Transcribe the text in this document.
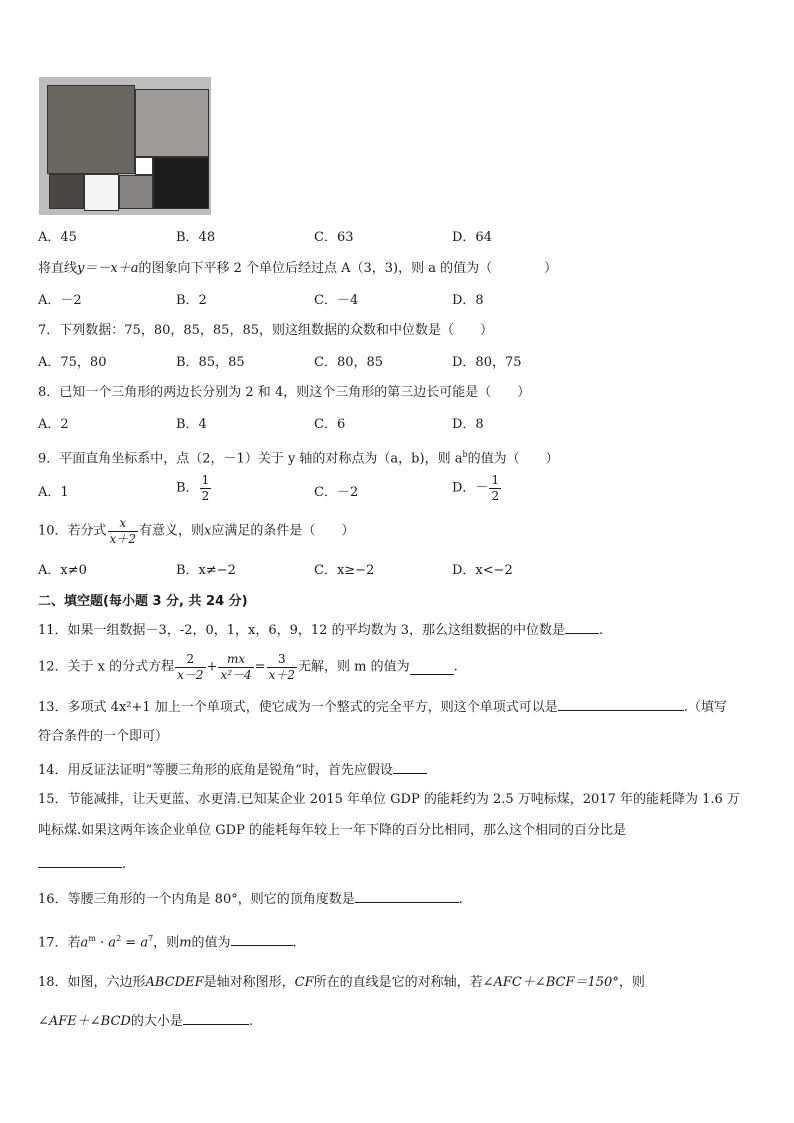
A．45	B．48	C．63	D．64
将直线y＝－x＋a的图象向下平移 2 个单位后经过点 A（3，3)，则 a 的值为（　　　　）
A．－2	B．2	C．－4	D．8
7．下列数据：75，80，85，85，85，则这组数据的众数和中位数是（　　）
A．75，80	B．85，85	C．80，85	D．80，75
8．已知一个三角形的两边长分别为 2 和 4，则这个三角形的第三边长可能是（　　）
A．2	B．4	C．6	D．8
9．平面直角坐标系中，点（2，－1）关于 y 轴的对称点为（a，b)，则 $a^b$的值为（　　）
A．1	B． $\frac{1}{2}$	C．－2	D．－ $\frac{1}{2}$
10．若分式 $\frac{x}{x+2}$ 有意义，则x应满足的条件是（　　）
A．x≠0	B．x≠−2	C．x≥−2	D．x<−2
二、填空题(每小题 3 分, 共 24 分)
11．如果一组数据－3，-2，0，1，x，6，9，12 的平均数为 3，那么这组数据的中位数是	.
12．关于 x 的分式方程 $\frac{2}{x-2} + \frac{mx}{\text{x²－4}} = \frac{3}{x+2}$ 无解，则 m 的值为	.
13．多项式 4x²+1 加上一个单项式，使它成为一个整式的完全平方，则这个单项式可以是	.（填写
符合条件的一个即可）
14．用反证法证明“等腰三角形的底角是锐角”时，首先应假设
15．节能减排，让天更蓝、水更清.已知某企业 2015 年单位 GDP 的能耗约为 2.5 万吨标煤，2017 年的能耗降为 1.6 万
吨标煤.如果这两年该企业单位 GDP 的能耗每年较上一年下降的百分比相同，那么这个相同的百分比是
.
16．等腰三角形的一个内角是 80°，则它的顶角度数是	.
17．若$a^m \cdot a^2 = a^7$，则m的值为	.
18．如图，六边形ABCDEF是轴对称图形，CF所在的直线是它的对称轴，若∠AFC＋∠BCF＝150°，则
∠AFE＋∠BCD的大小是	.
